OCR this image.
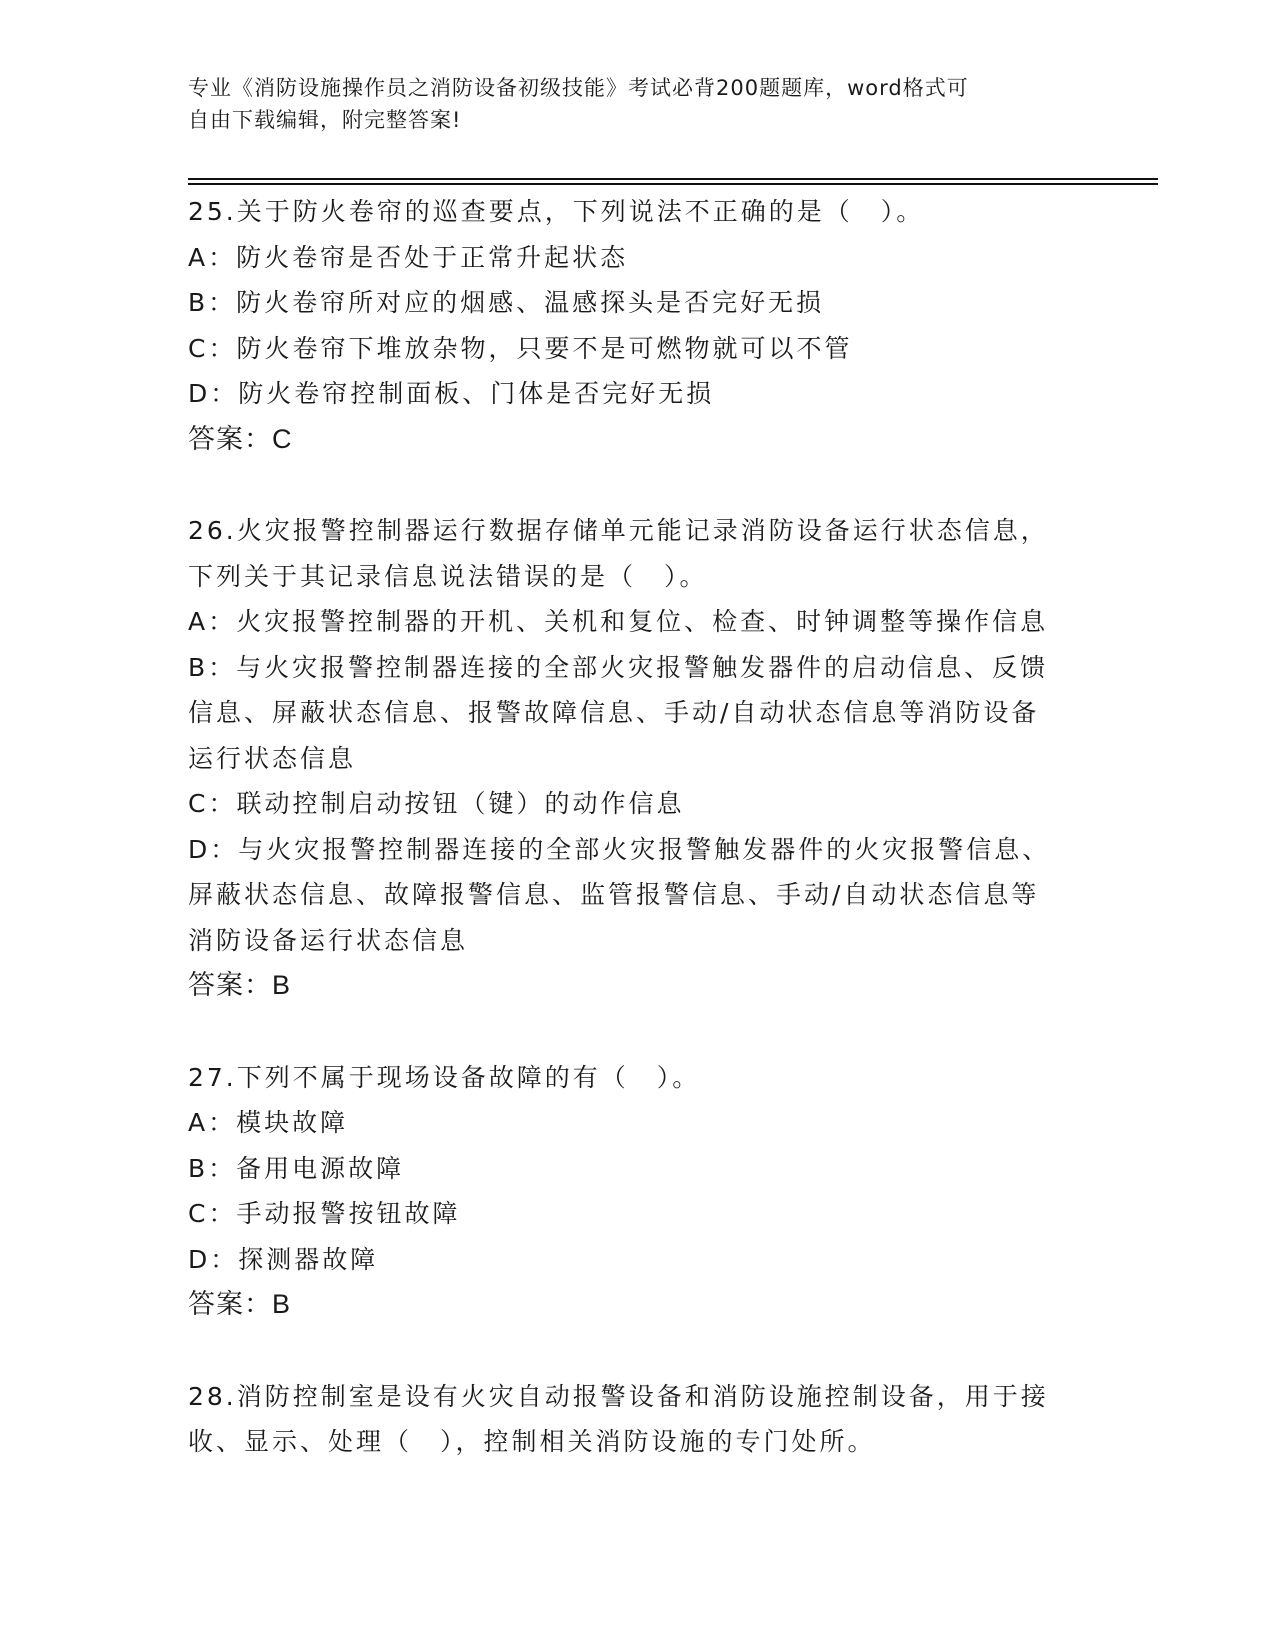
专业《消防设施操作员之消防设备初级技能》考试必背200题题库，word格式可
自由下载编辑，附完整答案!

25.关于防火卷帘的巡查要点，下列说法不正确的是（　）。

A：防火卷帘是否处于正常升起状态

B：防火卷帘所对应的烟感、温感探头是否完好无损

C：防火卷帘下堆放杂物，只要不是可燃物就可以不管

D：防火卷帘控制面板、门体是否完好无损

答案：C

26.火灾报警控制器运行数据存储单元能记录消防设备运行状态信息，

下列关于其记录信息说法错误的是（　）。

A：火灾报警控制器的开机、关机和复位、检查、时钟调整等操作信息

B：与火灾报警控制器连接的全部火灾报警触发器件的启动信息、反馈

信息、屏蔽状态信息、报警故障信息、手动/自动状态信息等消防设备

运行状态信息

C：联动控制启动按钮（键）的动作信息

D：与火灾报警控制器连接的全部火灾报警触发器件的火灾报警信息、

屏蔽状态信息、故障报警信息、监管报警信息、手动/自动状态信息等

消防设备运行状态信息

答案：B

27.下列不属于现场设备故障的有（　）。

A：模块故障

B：备用电源故障

C：手动报警按钮故障

D：探测器故障

答案：B

28.消防控制室是设有火灾自动报警设备和消防设施控制设备，用于接

收、显示、处理（　），控制相关消防设施的专门处所。
